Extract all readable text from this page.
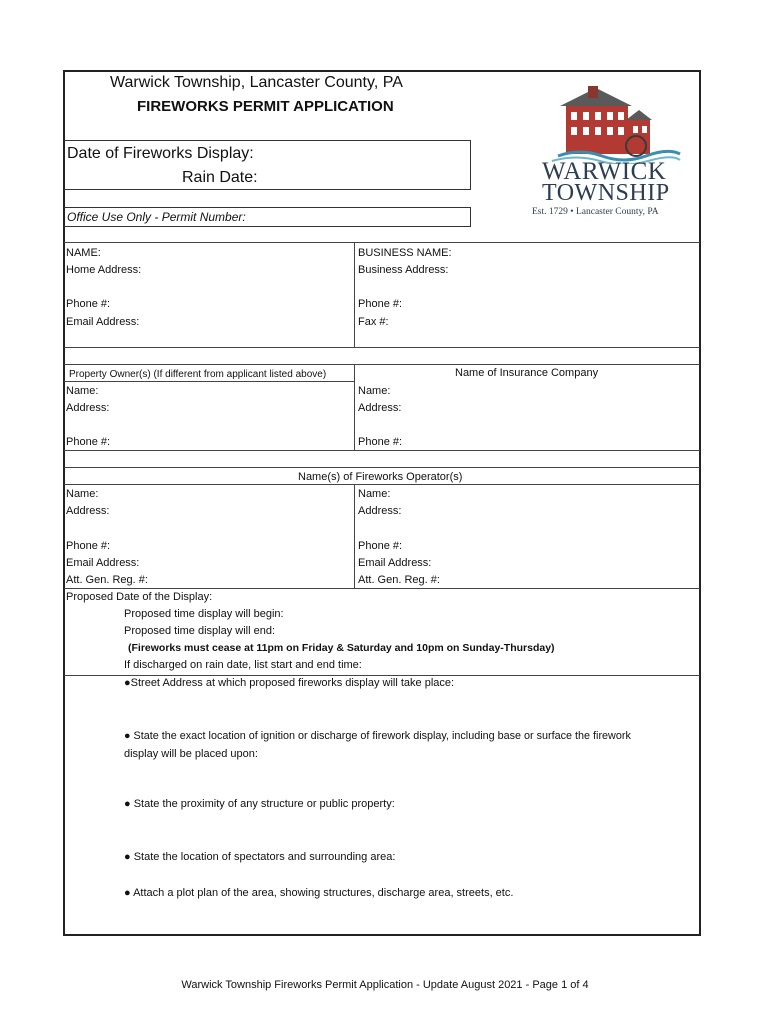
Warwick Township, Lancaster County, PA
FIREWORKS PERMIT APPLICATION
Date of Fireworks Display:
Rain Date:
Office Use Only - Permit Number:
WARWICK
TOWNSHIP
Est. 1729 • Lancaster County, PA
NAME:
Home Address:
Phone #:
Email Address:
BUSINESS NAME:
Business Address:
Phone #:
Fax #:
Property Owner(s) (If different from applicant listed above)
Name:
Address:
Phone #:
Name of Insurance Company
Name:
Address:
Phone #:
Name(s) of Fireworks Operator(s)
Name:
Address:
Phone #:
Email Address:
Att. Gen. Reg. #:
Name:
Address:
Phone #:
Email Address:
Att. Gen. Reg. #:
Proposed Date of the Display:
Proposed time display will begin:
Proposed time display will end:
(Fireworks must cease at 11pm on Friday & Saturday and 10pm on Sunday-Thursday)
If discharged on rain date, list start and end time:
●Street Address at which proposed fireworks display will take place:
● State the exact location of ignition or discharge of firework display, including base or surface the firework
display will be placed upon:
● State the proximity of any structure or public property:
● State the location of spectators and surrounding area:
● Attach a plot plan of the area, showing structures, discharge area, streets, etc.
Warwick Township Fireworks Permit Application - Update August 2021 - Page 1 of 4
